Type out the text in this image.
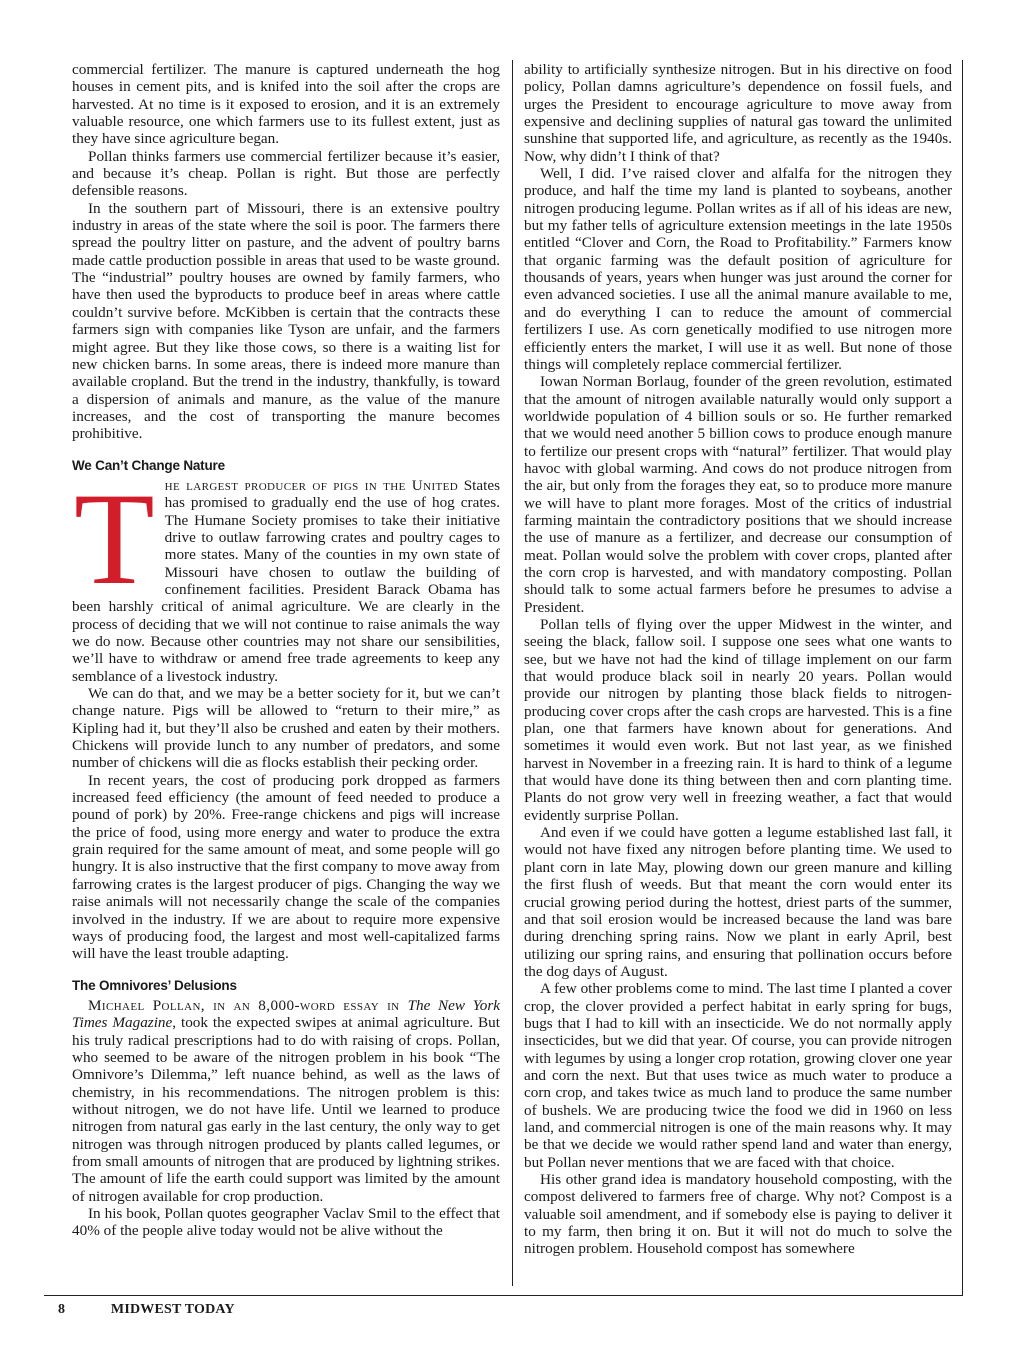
commercial fertilizer. The manure is captured underneath the hog houses in cement pits, and is knifed into the soil after the crops are harvested. At no time is it exposed to erosion, and it is an extremely valuable resource, one which farmers use to its fullest extent, just as they have since agriculture began.

Pollan thinks farmers use commercial fertilizer because it’s easier, and because it’s cheap. Pollan is right. But those are perfectly defensible reasons.

In the southern part of Missouri, there is an extensive poultry industry in areas of the state where the soil is poor. The farmers there spread the poultry litter on pasture, and the advent of poultry barns made cattle production possible in areas that used to be waste ground. The “industrial” poultry houses are owned by family farmers, who have then used the byproducts to produce beef in areas where cattle couldn’t survive before. McKibben is certain that the contracts these farmers sign with companies like Tyson are unfair, and the farmers might agree. But they like those cows, so there is a waiting list for new chicken barns. In some areas, there is indeed more manure than available cropland. But the trend in the industry, thankfully, is toward a dispersion of animals and manure, as the value of the manure increases, and the cost of transporting the manure becomes prohibitive.

We Can’t Change Nature

The largest producer of pigs in the United States has promised to gradually end the use of hog crates. The Humane Society promises to take their initiative drive to outlaw farrowing crates and poultry cages to more states. Many of the counties in my own state of Missouri have chosen to outlaw the building of confinement facilities. President Barack Obama has been harshly critical of animal agriculture. We are clearly in the process of deciding that we will not continue to raise animals the way we do now. Because other countries may not share our sensibilities, we’ll have to withdraw or amend free trade agreements to keep any semblance of a livestock industry.

We can do that, and we may be a better society for it, but we can’t change nature. Pigs will be allowed to “return to their mire,” as Kipling had it, but they’ll also be crushed and eaten by their mothers. Chickens will provide lunch to any number of predators, and some number of chickens will die as flocks establish their pecking order.

In recent years, the cost of producing pork dropped as farmers increased feed efficiency (the amount of feed needed to produce a pound of pork) by 20%. Free-range chickens and pigs will increase the price of food, using more energy and water to produce the extra grain required for the same amount of meat, and some people will go hungry. It is also instructive that the first company to move away from farrowing crates is the largest producer of pigs. Changing the way we raise animals will not necessarily change the scale of the companies involved in the industry. If we are about to require more expensive ways of producing food, the largest and most well-capitalized farms will have the least trouble adapting.

The Omnivores’ Delusions

Michael Pollan, in an 8,000-word essay in The New York Times Magazine, took the expected swipes at animal agriculture. But his truly radical prescriptions had to do with raising of crops. Pollan, who seemed to be aware of the nitrogen problem in his book “The Omnivore’s Dilemma,” left nuance behind, as well as the laws of chemistry, in his recommendations. The nitrogen problem is this: without nitrogen, we do not have life. Until we learned to produce nitrogen from natural gas early in the last century, the only way to get nitrogen was through nitrogen produced by plants called legumes, or from small amounts of nitrogen that are produced by lightning strikes. The amount of life the earth could support was limited by the amount of nitrogen available for crop production.

In his book, Pollan quotes geographer Vaclav Smil to the effect that 40% of the people alive today would not be alive without the

ability to artificially synthesize nitrogen. But in his directive on food policy, Pollan damns agriculture’s dependence on fossil fuels, and urges the President to encourage agriculture to move away from expensive and declining supplies of natural gas toward the unlimited sunshine that supported life, and agriculture, as recently as the 1940s. Now, why didn’t I think of that?

Well, I did. I’ve raised clover and alfalfa for the nitrogen they produce, and half the time my land is planted to soybeans, another nitrogen producing legume. Pollan writes as if all of his ideas are new, but my father tells of agriculture extension meetings in the late 1950s entitled “Clover and Corn, the Road to Profitability.” Farmers know that organic farming was the default position of agriculture for thousands of years, years when hunger was just around the corner for even advanced societies. I use all the animal manure available to me, and do everything I can to reduce the amount of commercial fertilizers I use. As corn genetically modified to use nitrogen more efficiently enters the market, I will use it as well. But none of those things will completely replace commercial fertilizer.

Iowan Norman Borlaug, founder of the green revolution, estimated that the amount of nitrogen available naturally would only support a worldwide population of 4 billion souls or so. He further remarked that we would need another 5 billion cows to produce enough manure to fertilize our present crops with “natural” fertilizer. That would play havoc with global warming. And cows do not produce nitrogen from the air, but only from the forages they eat, so to produce more manure we will have to plant more forages. Most of the critics of industrial farming maintain the contradictory positions that we should increase the use of manure as a fertilizer, and decrease our consumption of meat. Pollan would solve the problem with cover crops, planted after the corn crop is harvested, and with mandatory composting. Pollan should talk to some actual farmers before he presumes to advise a President.

Pollan tells of flying over the upper Midwest in the winter, and seeing the black, fallow soil. I suppose one sees what one wants to see, but we have not had the kind of tillage implement on our farm that would produce black soil in nearly 20 years. Pollan would provide our nitrogen by planting those black fields to nitrogen-producing cover crops after the cash crops are harvested. This is a fine plan, one that farmers have known about for generations. And sometimes it would even work. But not last year, as we finished harvest in November in a freezing rain. It is hard to think of a legume that would have done its thing between then and corn planting time. Plants do not grow very well in freezing weather, a fact that would evidently surprise Pollan.

And even if we could have gotten a legume established last fall, it would not have fixed any nitrogen before planting time. We used to plant corn in late May, plowing down our green manure and killing the first flush of weeds. But that meant the corn would enter its crucial growing period during the hottest, driest parts of the summer, and that soil erosion would be increased because the land was bare during drenching spring rains. Now we plant in early April, best utilizing our spring rains, and ensuring that pollination occurs before the dog days of August.

A few other problems come to mind. The last time I planted a cover crop, the clover provided a perfect habitat in early spring for bugs, bugs that I had to kill with an insecticide. We do not normally apply insecticides, but we did that year. Of course, you can provide nitrogen with legumes by using a longer crop rotation, growing clover one year and corn the next. But that uses twice as much water to produce a corn crop, and takes twice as much land to produce the same number of bushels. We are producing twice the food we did in 1960 on less land, and commercial nitrogen is one of the main reasons why. It may be that we decide we would rather spend land and water than energy, but Pollan never mentions that we are faced with that choice.

His other grand idea is mandatory household composting, with the compost delivered to farmers free of charge. Why not? Compost is a valuable soil amendment, and if somebody else is paying to deliver it to my farm, then bring it on. But it will not do much to solve the nitrogen problem. Household compost has somewhere

8	MIDWEST TODAY
